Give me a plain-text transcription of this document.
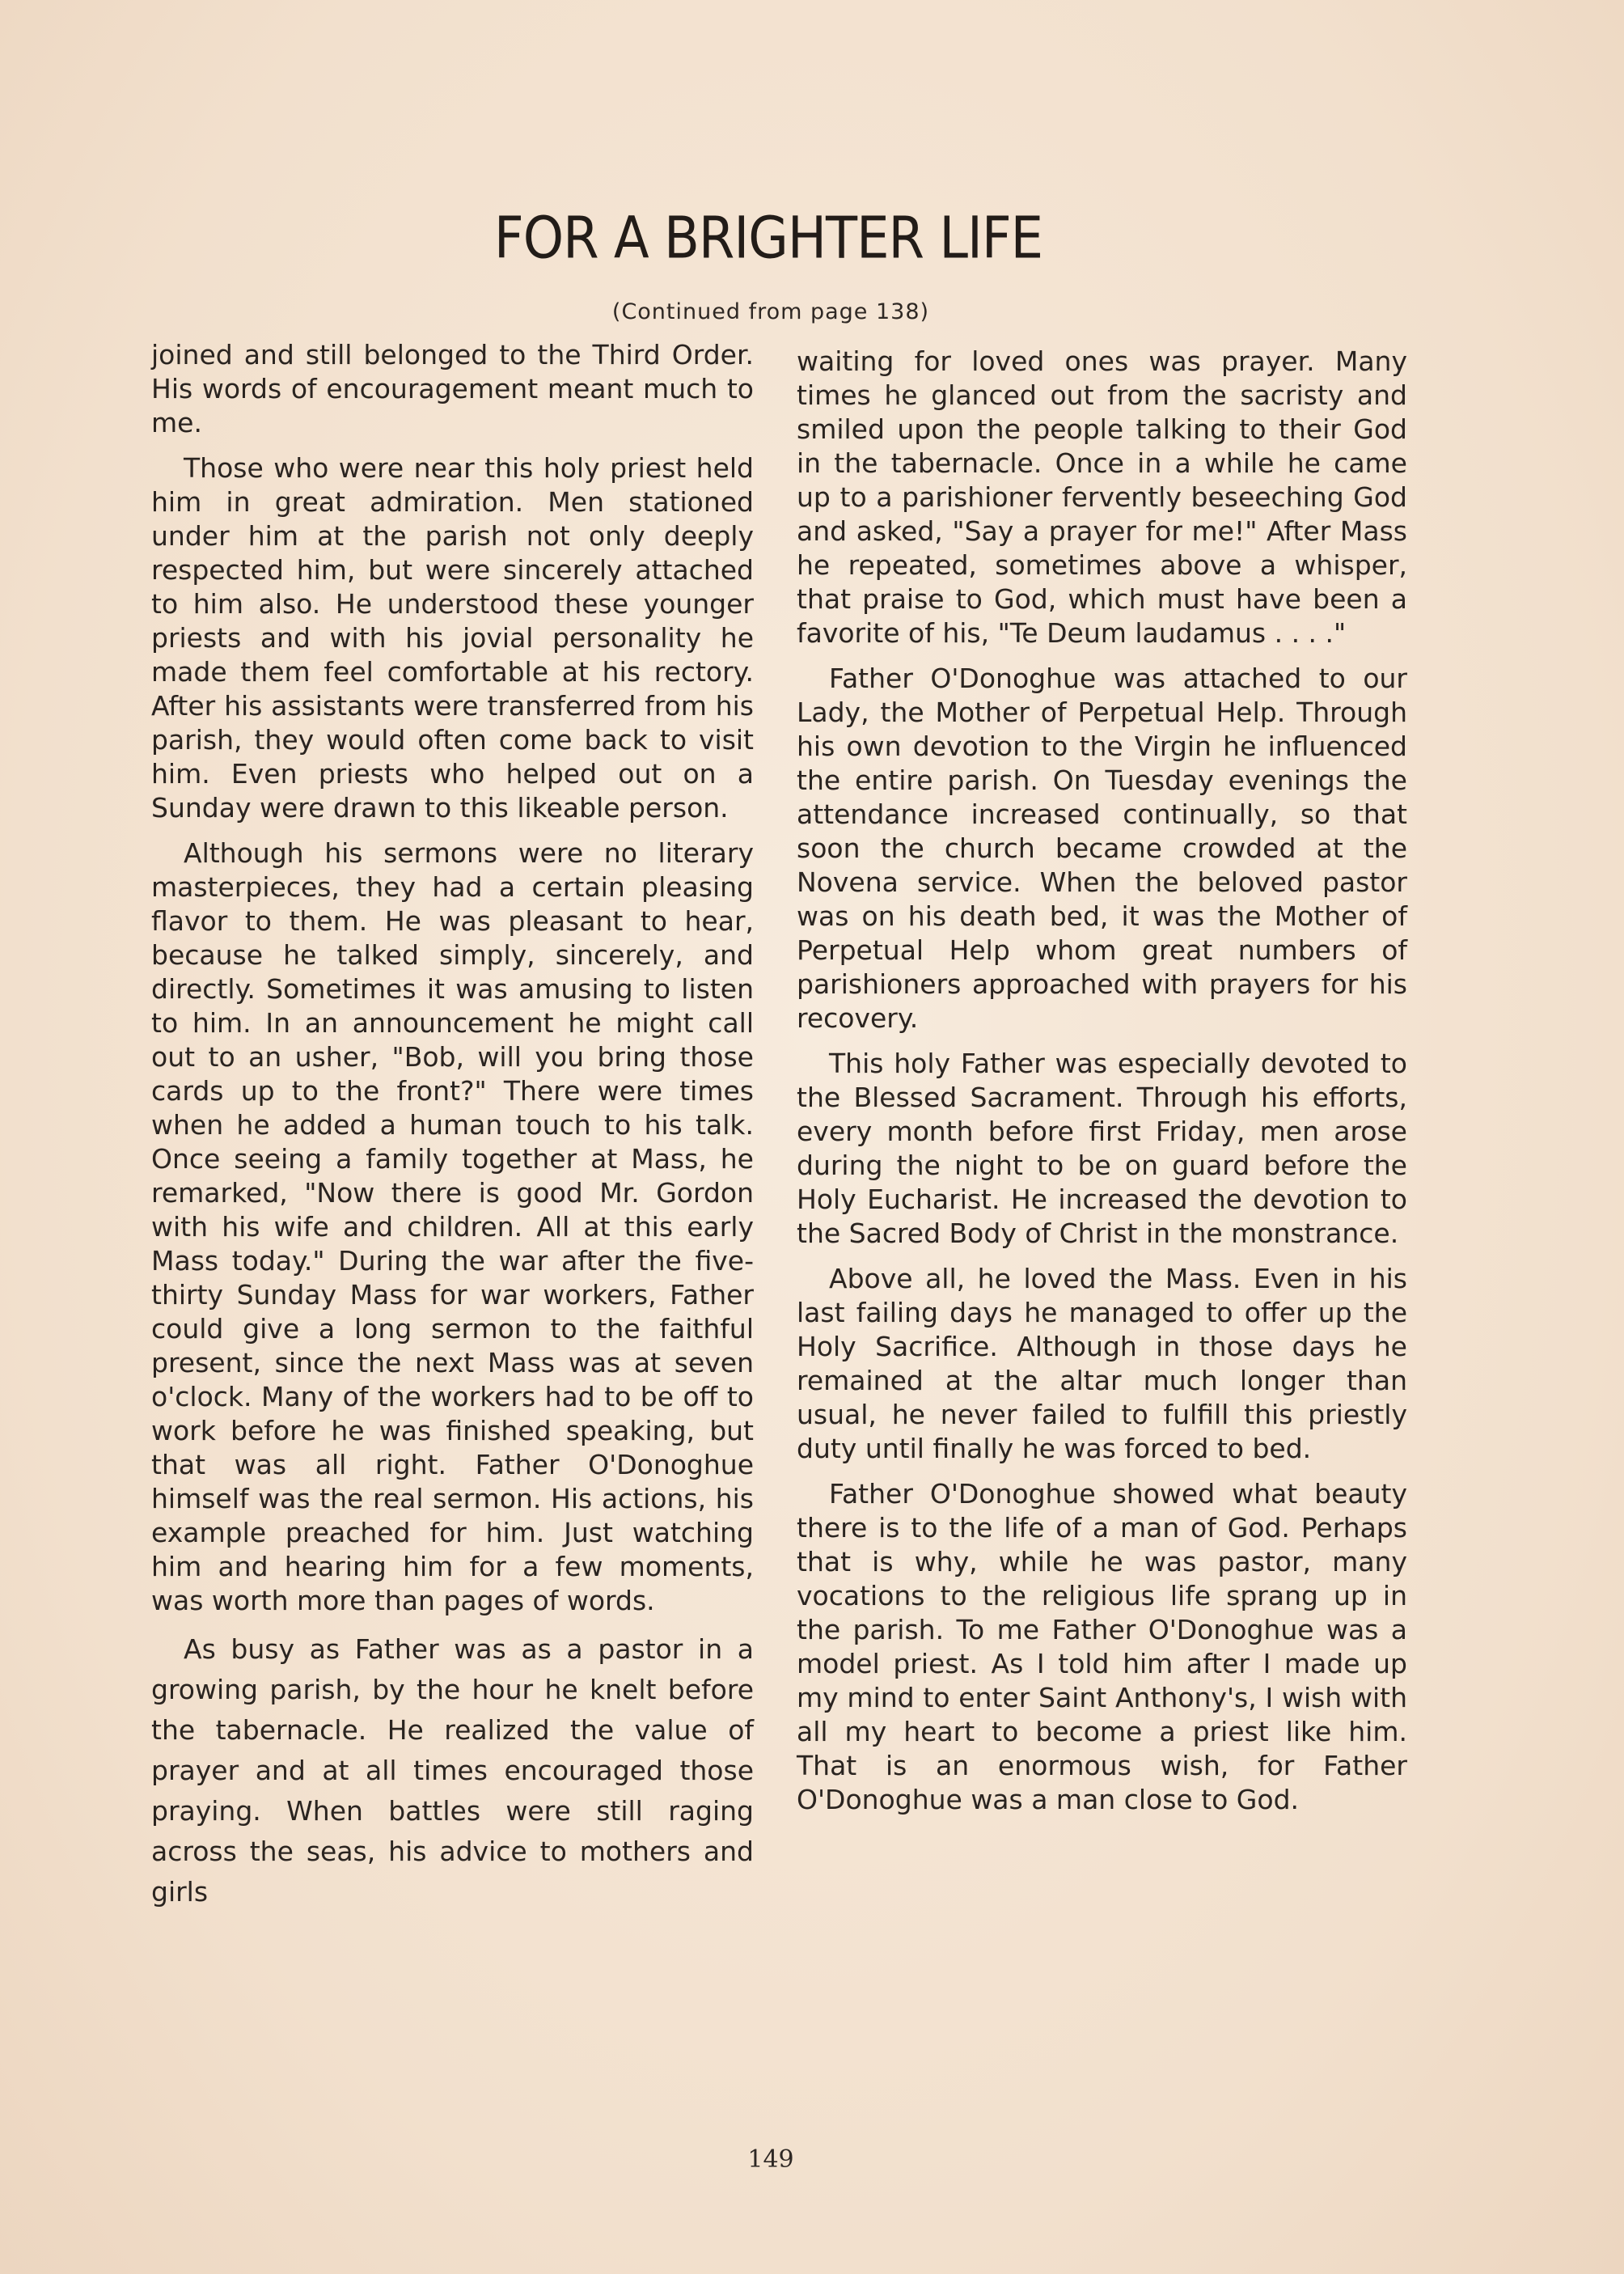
FOR A BRIGHTER LIFE
(Continued from page 138)

joined and still belonged to the Third Order. His words of encouragement meant much to me.

Those who were near this holy priest held him in great admiration. Men stationed under him at the parish not only deeply respected him, but were sincerely attached to him also. He understood these younger priests and with his jovial personality he made them feel comfortable at his rectory. After his assistants were transferred from his parish, they would often come back to visit him. Even priests who helped out on a Sunday were drawn to this likeable person.

Although his sermons were no literary masterpieces, they had a certain pleasing flavor to them. He was pleasant to hear, because he talked simply, sincerely, and directly. Sometimes it was amusing to listen to him. In an announcement he might call out to an usher, "Bob, will you bring those cards up to the front?" There were times when he added a human touch to his talk. Once seeing a family together at Mass, he remarked, "Now there is good Mr. Gordon with his wife and children. All at this early Mass today." During the war after the five-thirty Sunday Mass for war workers, Father could give a long sermon to the faithful present, since the next Mass was at seven o'clock. Many of the workers had to be off to work before he was finished speaking, but that was all right. Father O'Donoghue himself was the real sermon. His actions, his example preached for him. Just watching him and hearing him for a few moments, was worth more than pages of words.

As busy as Father was as a pastor in a growing parish, by the hour he knelt before the tabernacle. He realized the value of prayer and at all times encouraged those praying. When battles were still raging across the seas, his advice to mothers and girls

waiting for loved ones was prayer. Many times he glanced out from the sacristy and smiled upon the people talking to their God in the tabernacle. Once in a while he came up to a parishioner fervently beseeching God and asked, "Say a prayer for me!" After Mass he repeated, sometimes above a whisper, that praise to God, which must have been a favorite of his, "Te Deum laudamus . . . ."

Father O'Donoghue was attached to our Lady, the Mother of Perpetual Help. Through his own devotion to the Virgin he influenced the entire parish. On Tuesday evenings the attendance increased continually, so that soon the church became crowded at the Novena service. When the beloved pastor was on his death bed, it was the Mother of Perpetual Help whom great numbers of parishioners approached with prayers for his recovery.

This holy Father was especially devoted to the Blessed Sacrament. Through his efforts, every month before first Friday, men arose during the night to be on guard before the Holy Eucharist. He increased the devotion to the Sacred Body of Christ in the monstrance.

Above all, he loved the Mass. Even in his last failing days he managed to offer up the Holy Sacrifice. Although in those days he remained at the altar much longer than usual, he never failed to fulfill this priestly duty until finally he was forced to bed.

Father O'Donoghue showed what beauty there is to the life of a man of God. Perhaps that is why, while he was pastor, many vocations to the religious life sprang up in the parish. To me Father O'Donoghue was a model priest. As I told him after I made up my mind to enter Saint Anthony's, I wish with all my heart to become a priest like him. That is an enormous wish, for Father O'Donoghue was a man close to God.

149
